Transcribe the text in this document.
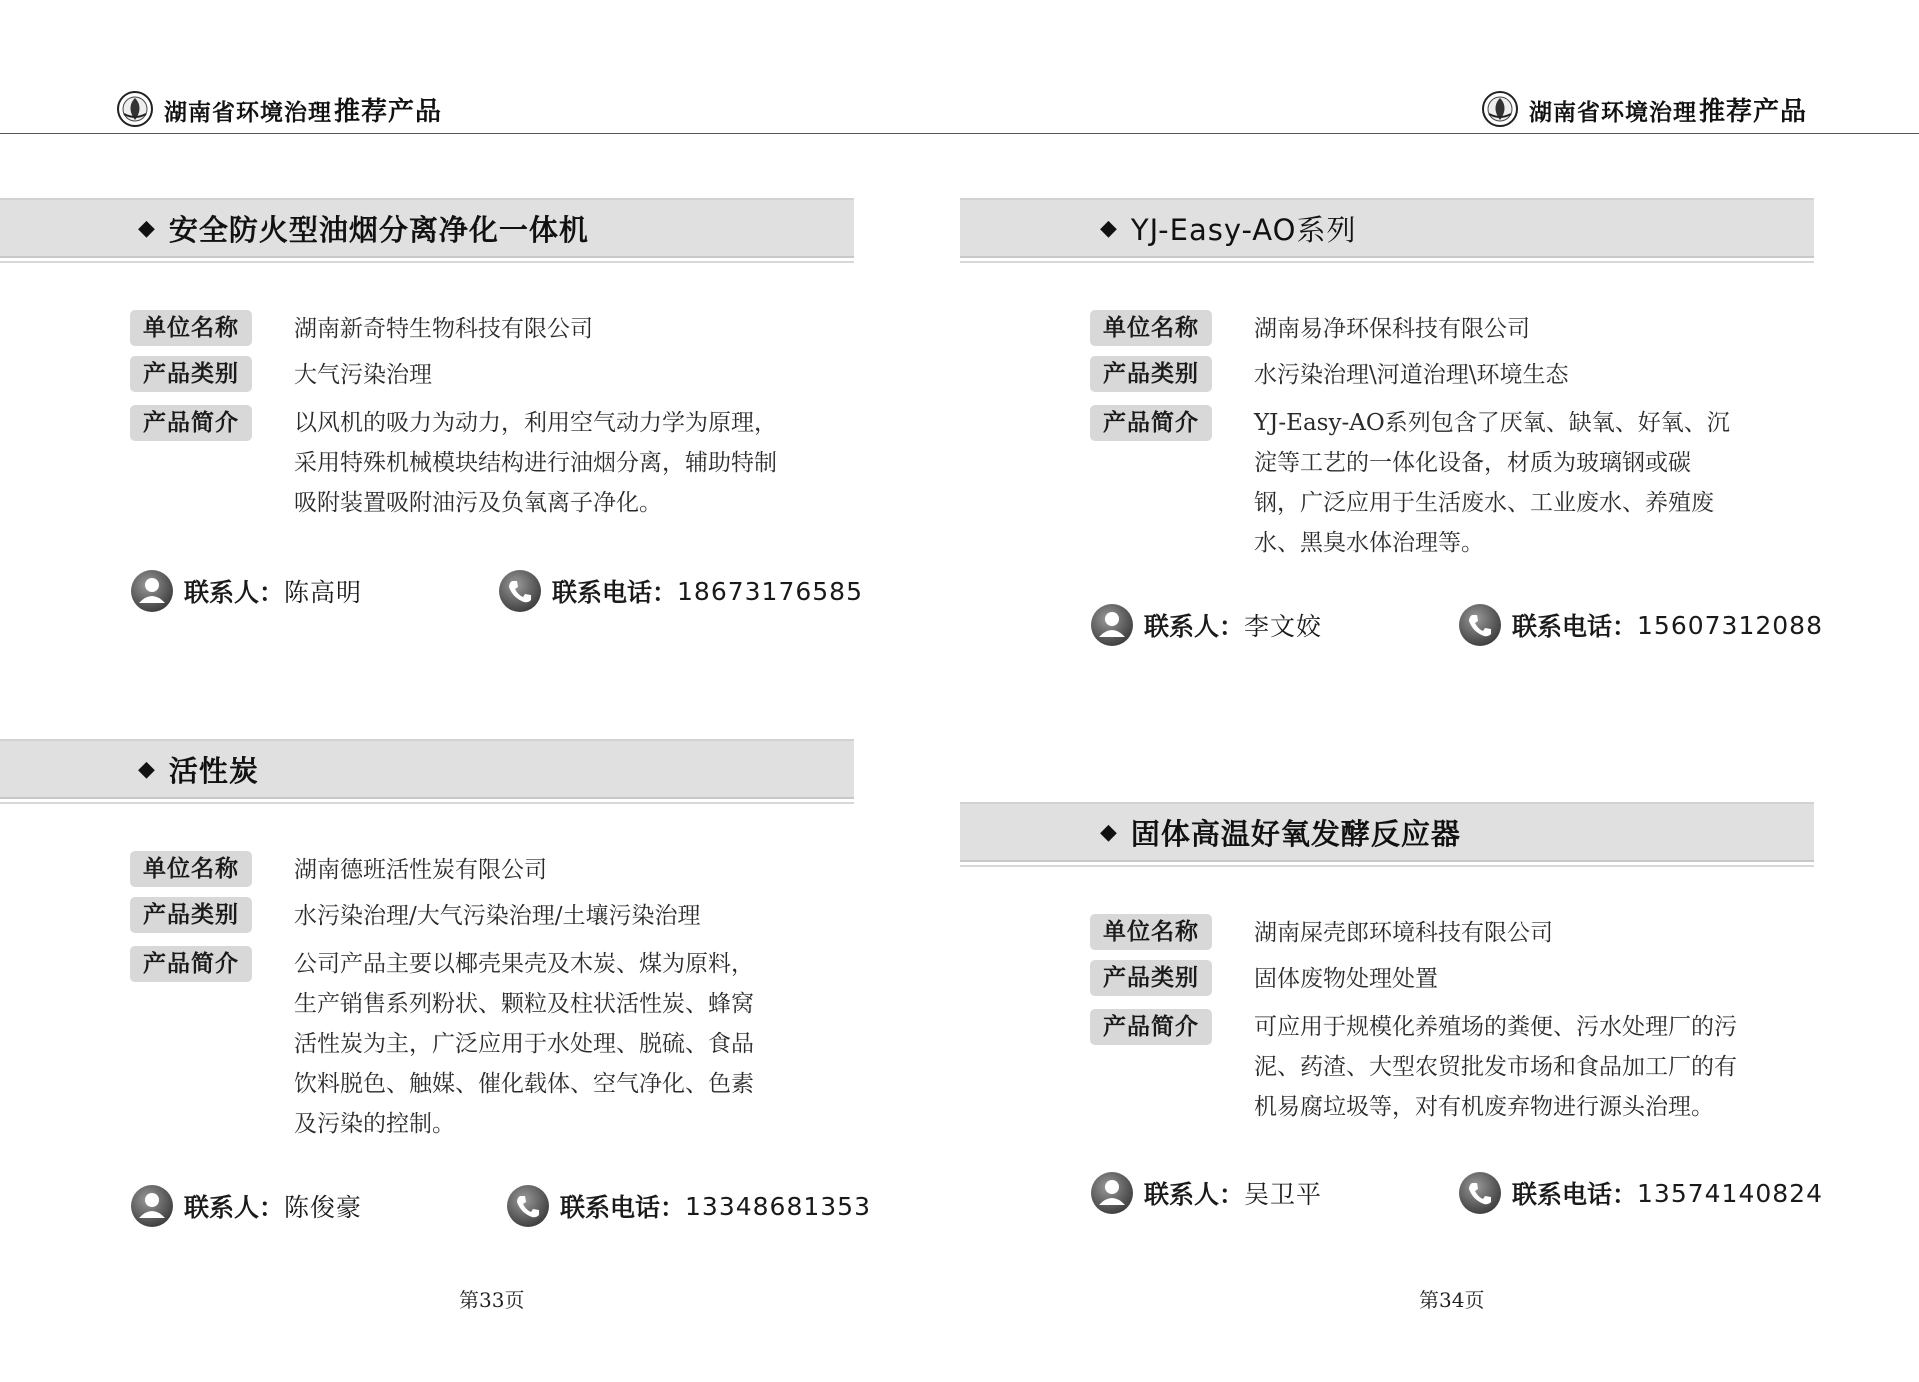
湖南省环境治理推荐产品	湖南省环境治理推荐产品
◆ 安全防火型油烟分离净化一体机
单位名称	湖南新奇特生物科技有限公司
产品类别	大气污染治理
产品简介	以风机的吸力为动力，利用空气动力学为原理，
采用特殊机械模块结构进行油烟分离，辅助特制
吸附装置吸附油污及负氧离子净化。
联系人： 陈高明	联系电话： 18673176585
◆ 活性炭
单位名称	湖南德班活性炭有限公司
产品类别	水污染治理/大气污染治理/土壤污染治理
产品简介	公司产品主要以椰壳果壳及木炭、煤为原料，
生产销售系列粉状、颗粒及柱状活性炭、蜂窝
活性炭为主，广泛应用于水处理、脱硫、食品
饮料脱色、触媒、催化载体、空气净化、色素
及污染的控制。
联系人： 陈俊豪	联系电话： 13348681353
◆ YJ-Easy-AO系列
单位名称	湖南易净环保科技有限公司
产品类别	水污染治理\河道治理\环境生态
产品简介	YJ-Easy-AO系列包含了厌氧、缺氧、好氧、沉
淀等工艺的一体化设备，材质为玻璃钢或碳
钢，广泛应用于生活废水、工业废水、养殖废
水、黑臭水体治理等。
联系人： 李文姣	联系电话： 15607312088
◆ 固体高温好氧发酵反应器
单位名称	湖南屎壳郎环境科技有限公司
产品类别	固体废物处理处置
产品简介	可应用于规模化养殖场的粪便、污水处理厂的污
泥、药渣、大型农贸批发市场和食品加工厂的有
机易腐垃圾等，对有机废弃物进行源头治理。
联系人： 吴卫平	联系电话： 13574140824
第33页	第34页
